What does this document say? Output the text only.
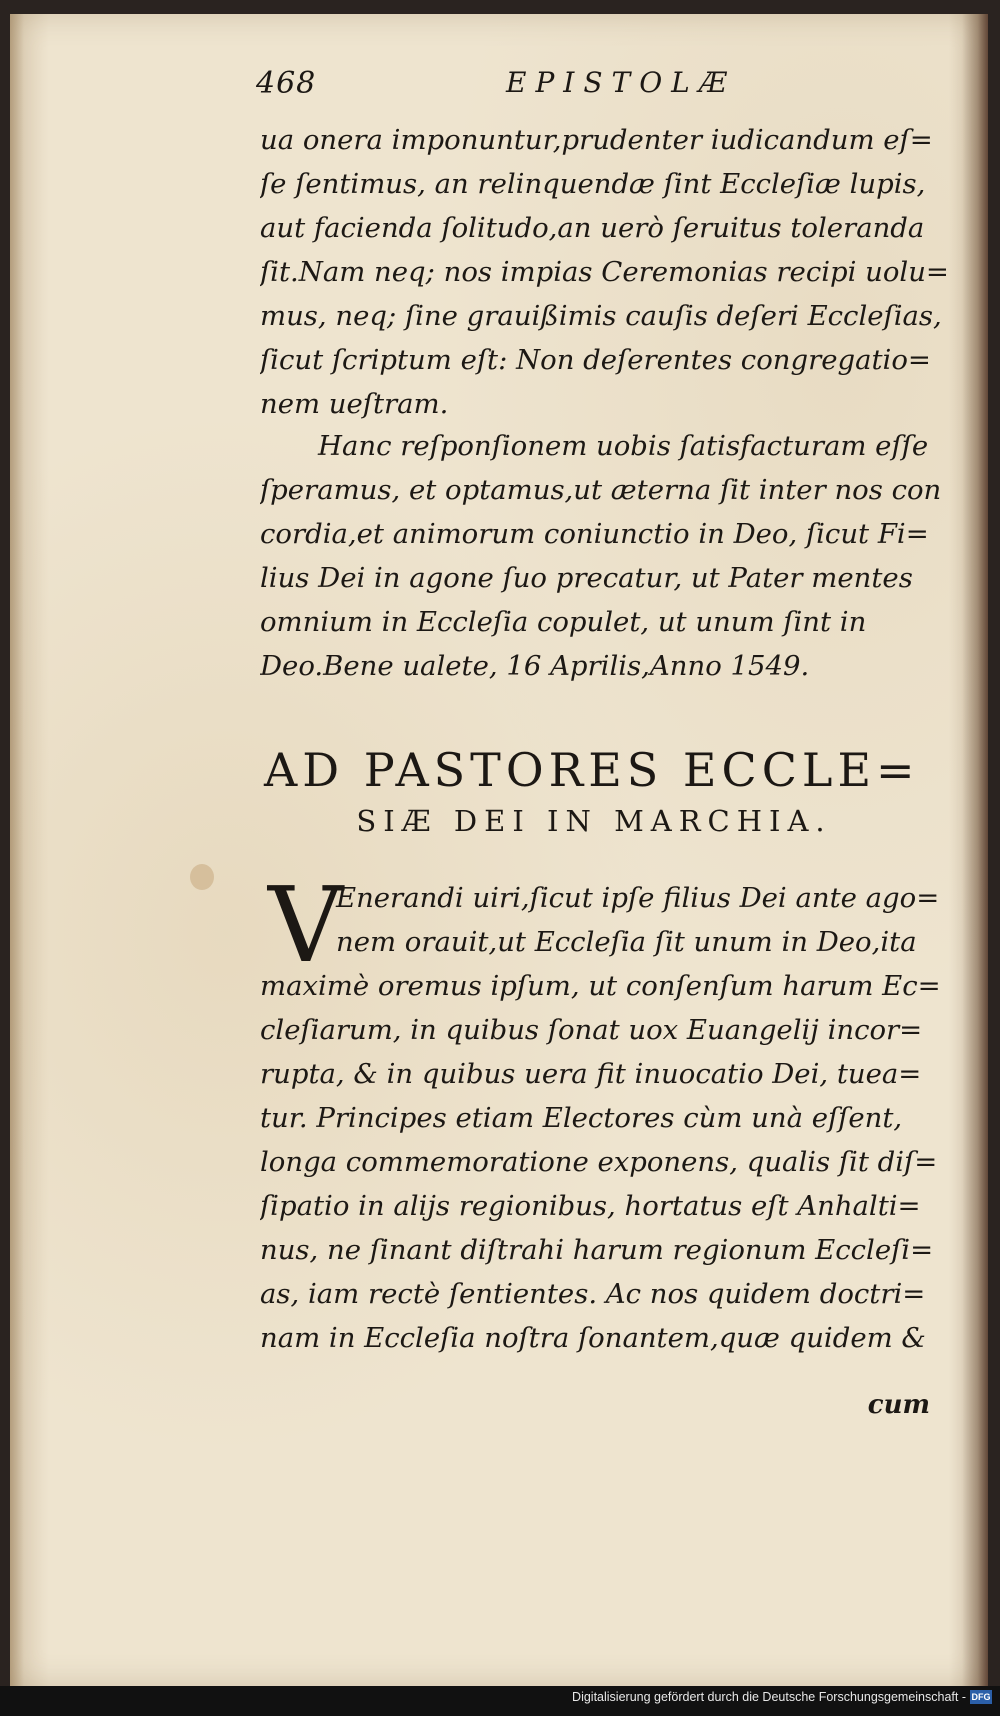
468	EPISTOLÆ
ua onera imponuntur,prudenter iudicandum eſ=
ſe ſentimus, an relinquendæ ſint Eccleſiæ lupis,
aut facienda ſolitudo,an uerò ſeruitus toleranda
ſit.Nam neq; nos impias Ceremonias recipi uolu=
mus, neq; ſine grauißimis cauſis deſeri Eccleſias,
ſicut ſcriptum eſt: Non deſerentes congregatio=
nem ueſtram.
Hanc reſponſionem uobis ſatisfacturam eſſe
ſperamus, et optamus,ut æterna ſit inter nos con
cordia,et animorum coniunctio in Deo, ſicut Fi=
lius Dei in agone ſuo precatur, ut Pater mentes
omnium in Eccleſia copulet, ut unum ſint in
Deo.Bene ualete, 16 Aprilis,Anno 1549.
AD PASTORES ECCLE=
SIÆ DEI IN MARCHIA.
V
Enerandi uiri,ſicut ipſe filius Dei ante ago=
nem orauit,ut Eccleſia ſit unum in Deo,ita
maximè oremus ipſum, ut conſenſum harum Ec=
cleſiarum, in quibus ſonat uox Euangelij incor=
rupta, & in quibus uera fit inuocatio Dei, tuea=
tur. Principes etiam Electores cùm unà eſſent,
longa commemoratione exponens, qualis ſit diſ=
ſipatio in alijs regionibus, hortatus eſt Anhalti=
nus, ne ſinant diſtrahi harum regionum Eccleſi=
as, iam rectè ſentientes. Ac nos quidem doctri=
nam in Eccleſia noſtra ſonantem,quæ quidem &
cum
Digitalisierung gefördert durch die Deutsche Forschungsgemeinschaft - DFG
